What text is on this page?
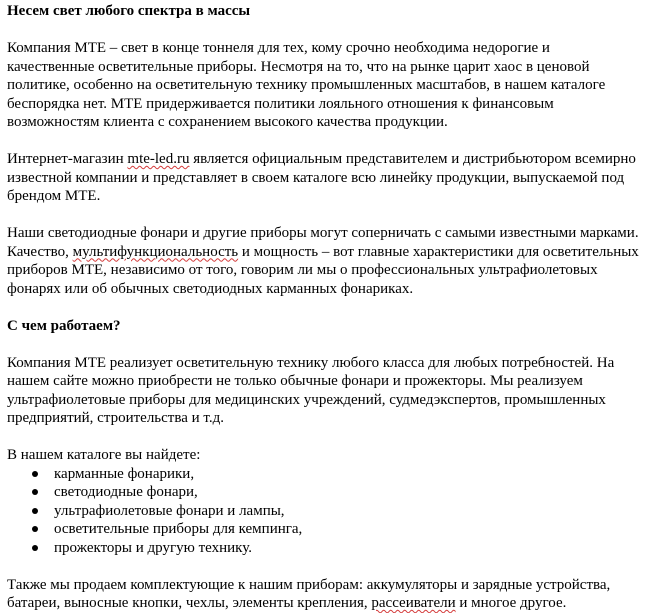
Несем свет любого спектра в массы
Компания МТЕ – свет в конце тоннеля для тех, кому срочно необходима недорогие и
качественные осветительные приборы. Несмотря на то, что на рынке царит хаос в ценовой
политике, особенно на осветительную технику промышленных масштабов, в нашем каталоге
беспорядка нет. МТЕ придерживается политики лояльного отношения к финансовым
возможностям клиента с сохранением высокого качества продукции.
Интернет-магазин mte-led.ru является официальным представителем и дистрибьютором всемирно
известной компании и представляет в своем каталоге всю линейку продукции, выпускаемой под
брендом МТЕ.
Наши светодиодные фонари и другие приборы могут соперничать с самыми известными марками.
Качество, мультифункциональность и мощность – вот главные характеристики для осветительных
приборов МТЕ, независимо от того, говорим ли мы о профессиональных ультрафиолетовых
фонарях или об обычных светодиодных карманных фонариках.
С чем работаем?
Компания МТЕ реализует осветительную технику любого класса для любых потребностей. На
нашем сайте можно приобрести не только обычные фонари и прожекторы. Мы реализуем
ультрафиолетовые приборы для медицинских учреждений, судмедэкспертов, промышленных
предприятий, строительства и т.д.
В нашем каталоге вы найдете:
карманные фонарики,
светодиодные фонари,
ультрафиолетовые фонари и лампы,
осветительные приборы для кемпинга,
прожекторы и другую технику.
Также мы продаем комплектующие к нашим приборам: аккумуляторы и зарядные устройства,
батареи, выносные кнопки, чехлы, элементы крепления, рассеиватели и многое другое.
